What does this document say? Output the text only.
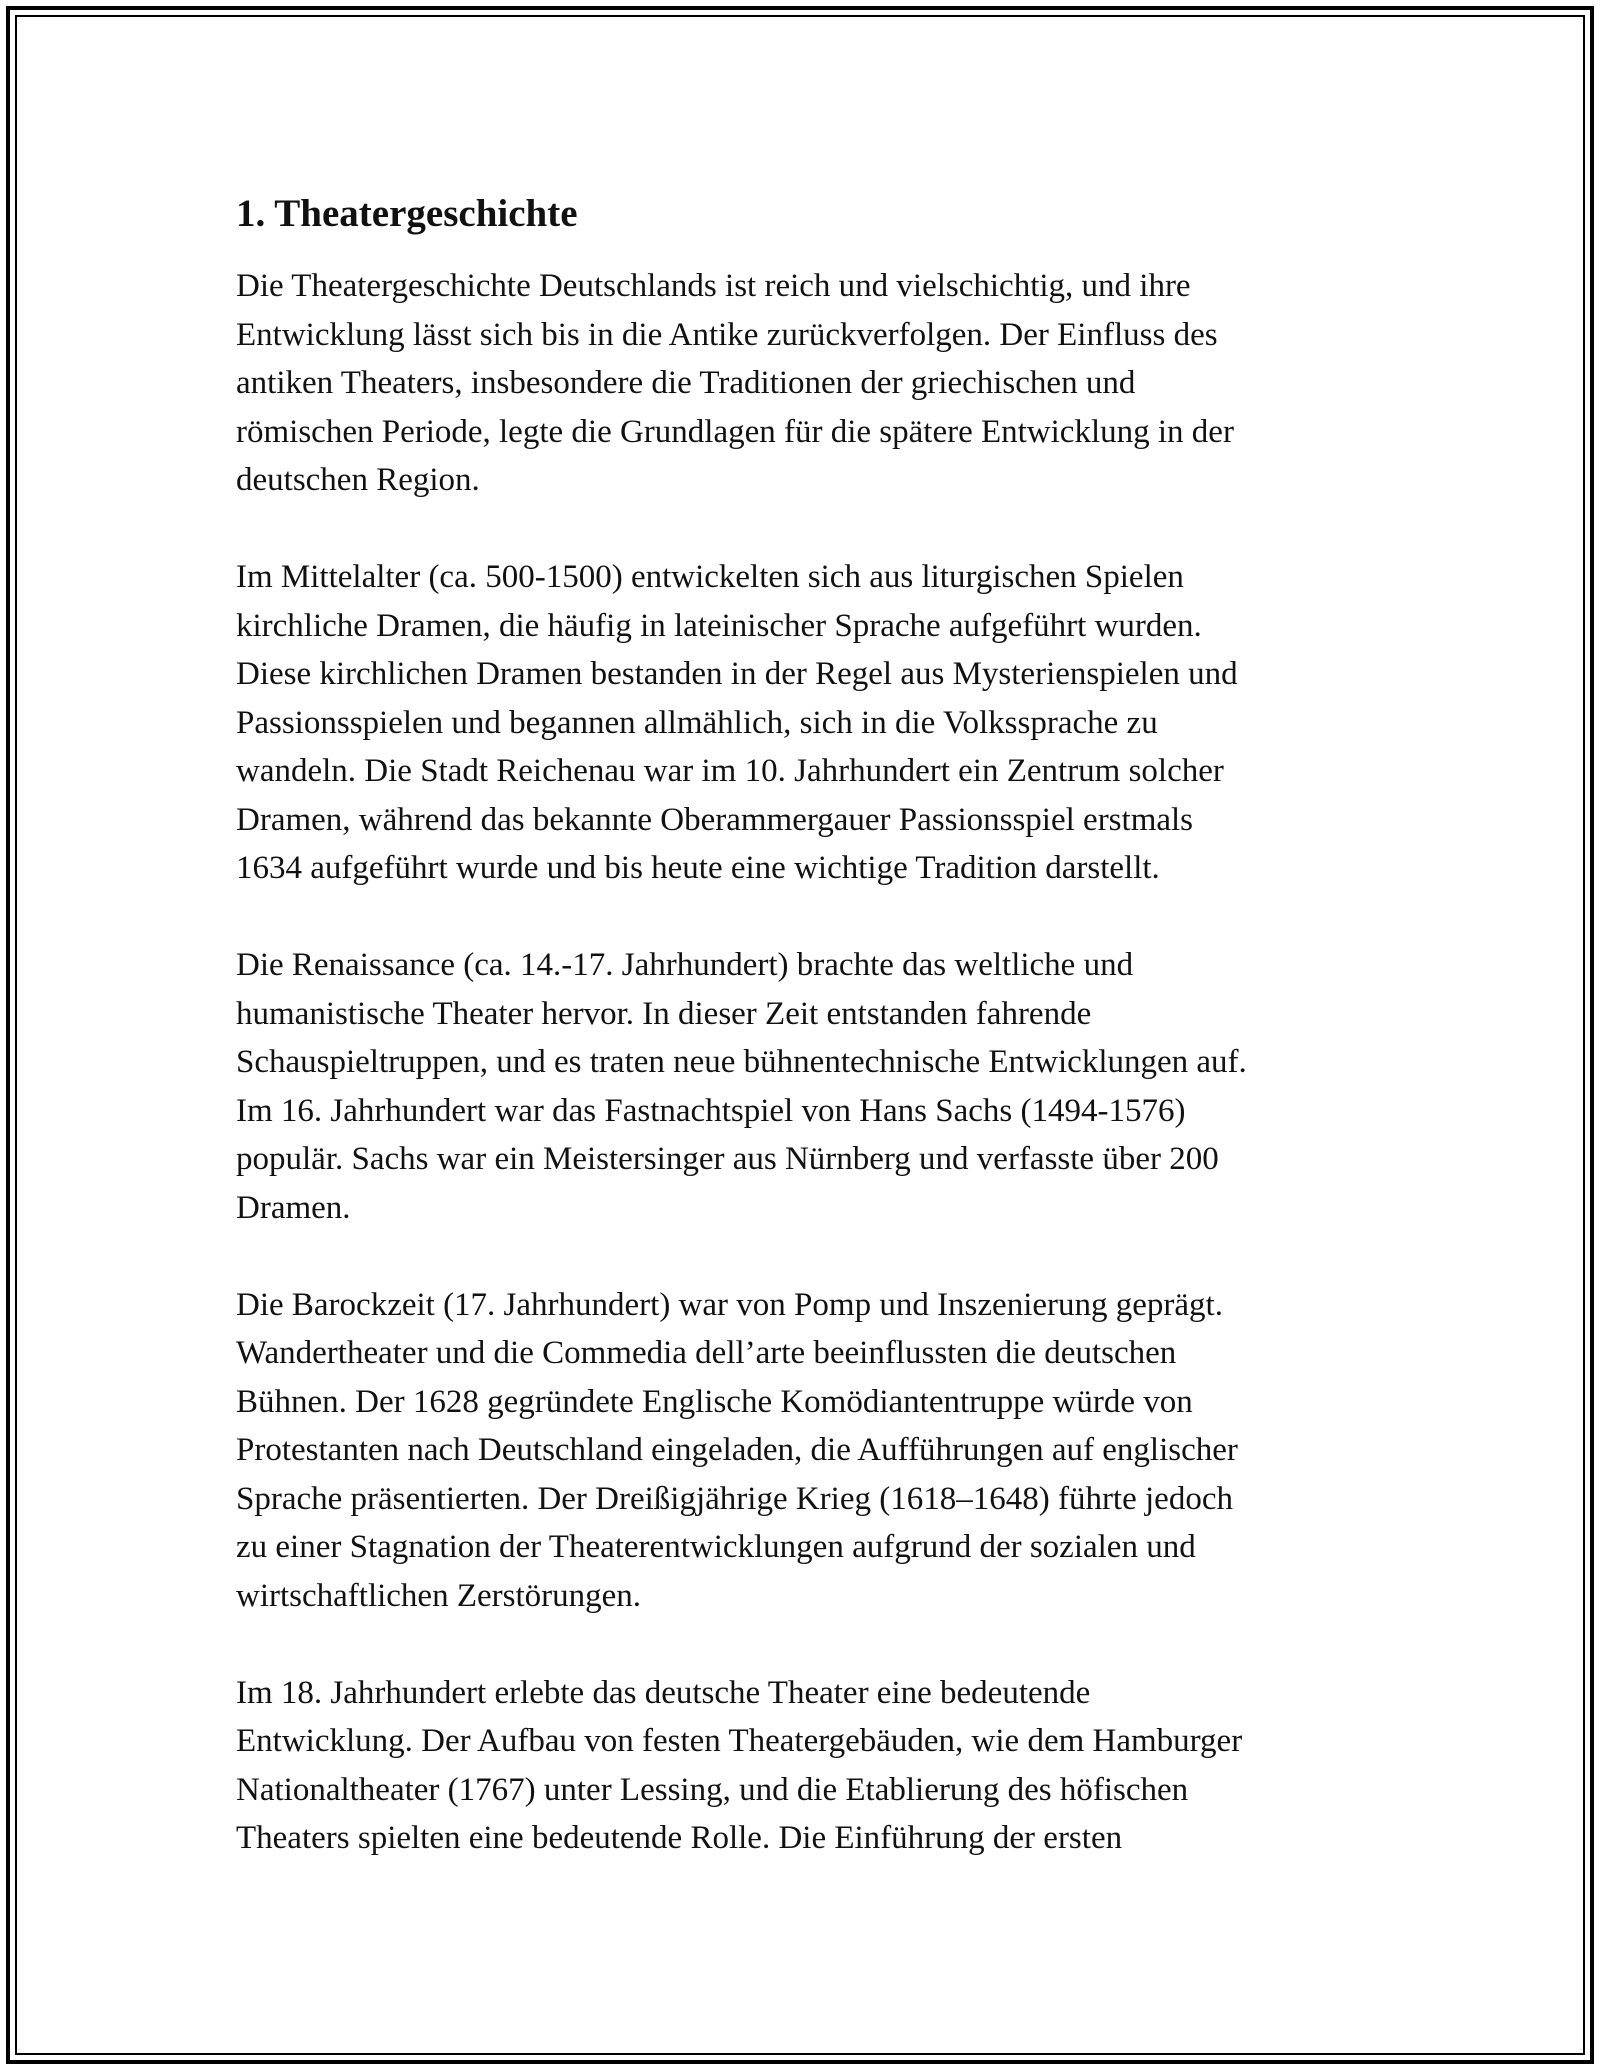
1. Theatergeschichte

Die Theatergeschichte Deutschlands ist reich und vielschichtig, und ihre
Entwicklung lässt sich bis in die Antike zurückverfolgen. Der Einfluss des
antiken Theaters, insbesondere die Traditionen der griechischen und
römischen Periode, legte die Grundlagen für die spätere Entwicklung in der
deutschen Region.

Im Mittelalter (ca. 500-1500) entwickelten sich aus liturgischen Spielen
kirchliche Dramen, die häufig in lateinischer Sprache aufgeführt wurden.
Diese kirchlichen Dramen bestanden in der Regel aus Mysterienspielen und
Passionsspielen und begannen allmählich, sich in die Volkssprache zu
wandeln. Die Stadt Reichenau war im 10. Jahrhundert ein Zentrum solcher
Dramen, während das bekannte Oberammergauer Passionsspiel erstmals
1634 aufgeführt wurde und bis heute eine wichtige Tradition darstellt.

Die Renaissance (ca. 14.-17. Jahrhundert) brachte das weltliche und
humanistische Theater hervor. In dieser Zeit entstanden fahrende
Schauspieltruppen, und es traten neue bühnentechnische Entwicklungen auf.
Im 16. Jahrhundert war das Fastnachtspiel von Hans Sachs (1494-1576)
populär. Sachs war ein Meistersinger aus Nürnberg und verfasste über 200
Dramen.

Die Barockzeit (17. Jahrhundert) war von Pomp und Inszenierung geprägt.
Wandertheater und die Commedia dell’arte beeinflussten die deutschen
Bühnen. Der 1628 gegründete Englische Komödiantentruppe würde von
Protestanten nach Deutschland eingeladen, die Aufführungen auf englischer
Sprache präsentierten. Der Dreißigjährige Krieg (1618–1648) führte jedoch
zu einer Stagnation der Theaterentwicklungen aufgrund der sozialen und
wirtschaftlichen Zerstörungen.

Im 18. Jahrhundert erlebte das deutsche Theater eine bedeutende
Entwicklung. Der Aufbau von festen Theatergebäuden, wie dem Hamburger
Nationaltheater (1767) unter Lessing, und die Etablierung des höfischen
Theaters spielten eine bedeutende Rolle. Die Einführung der ersten
